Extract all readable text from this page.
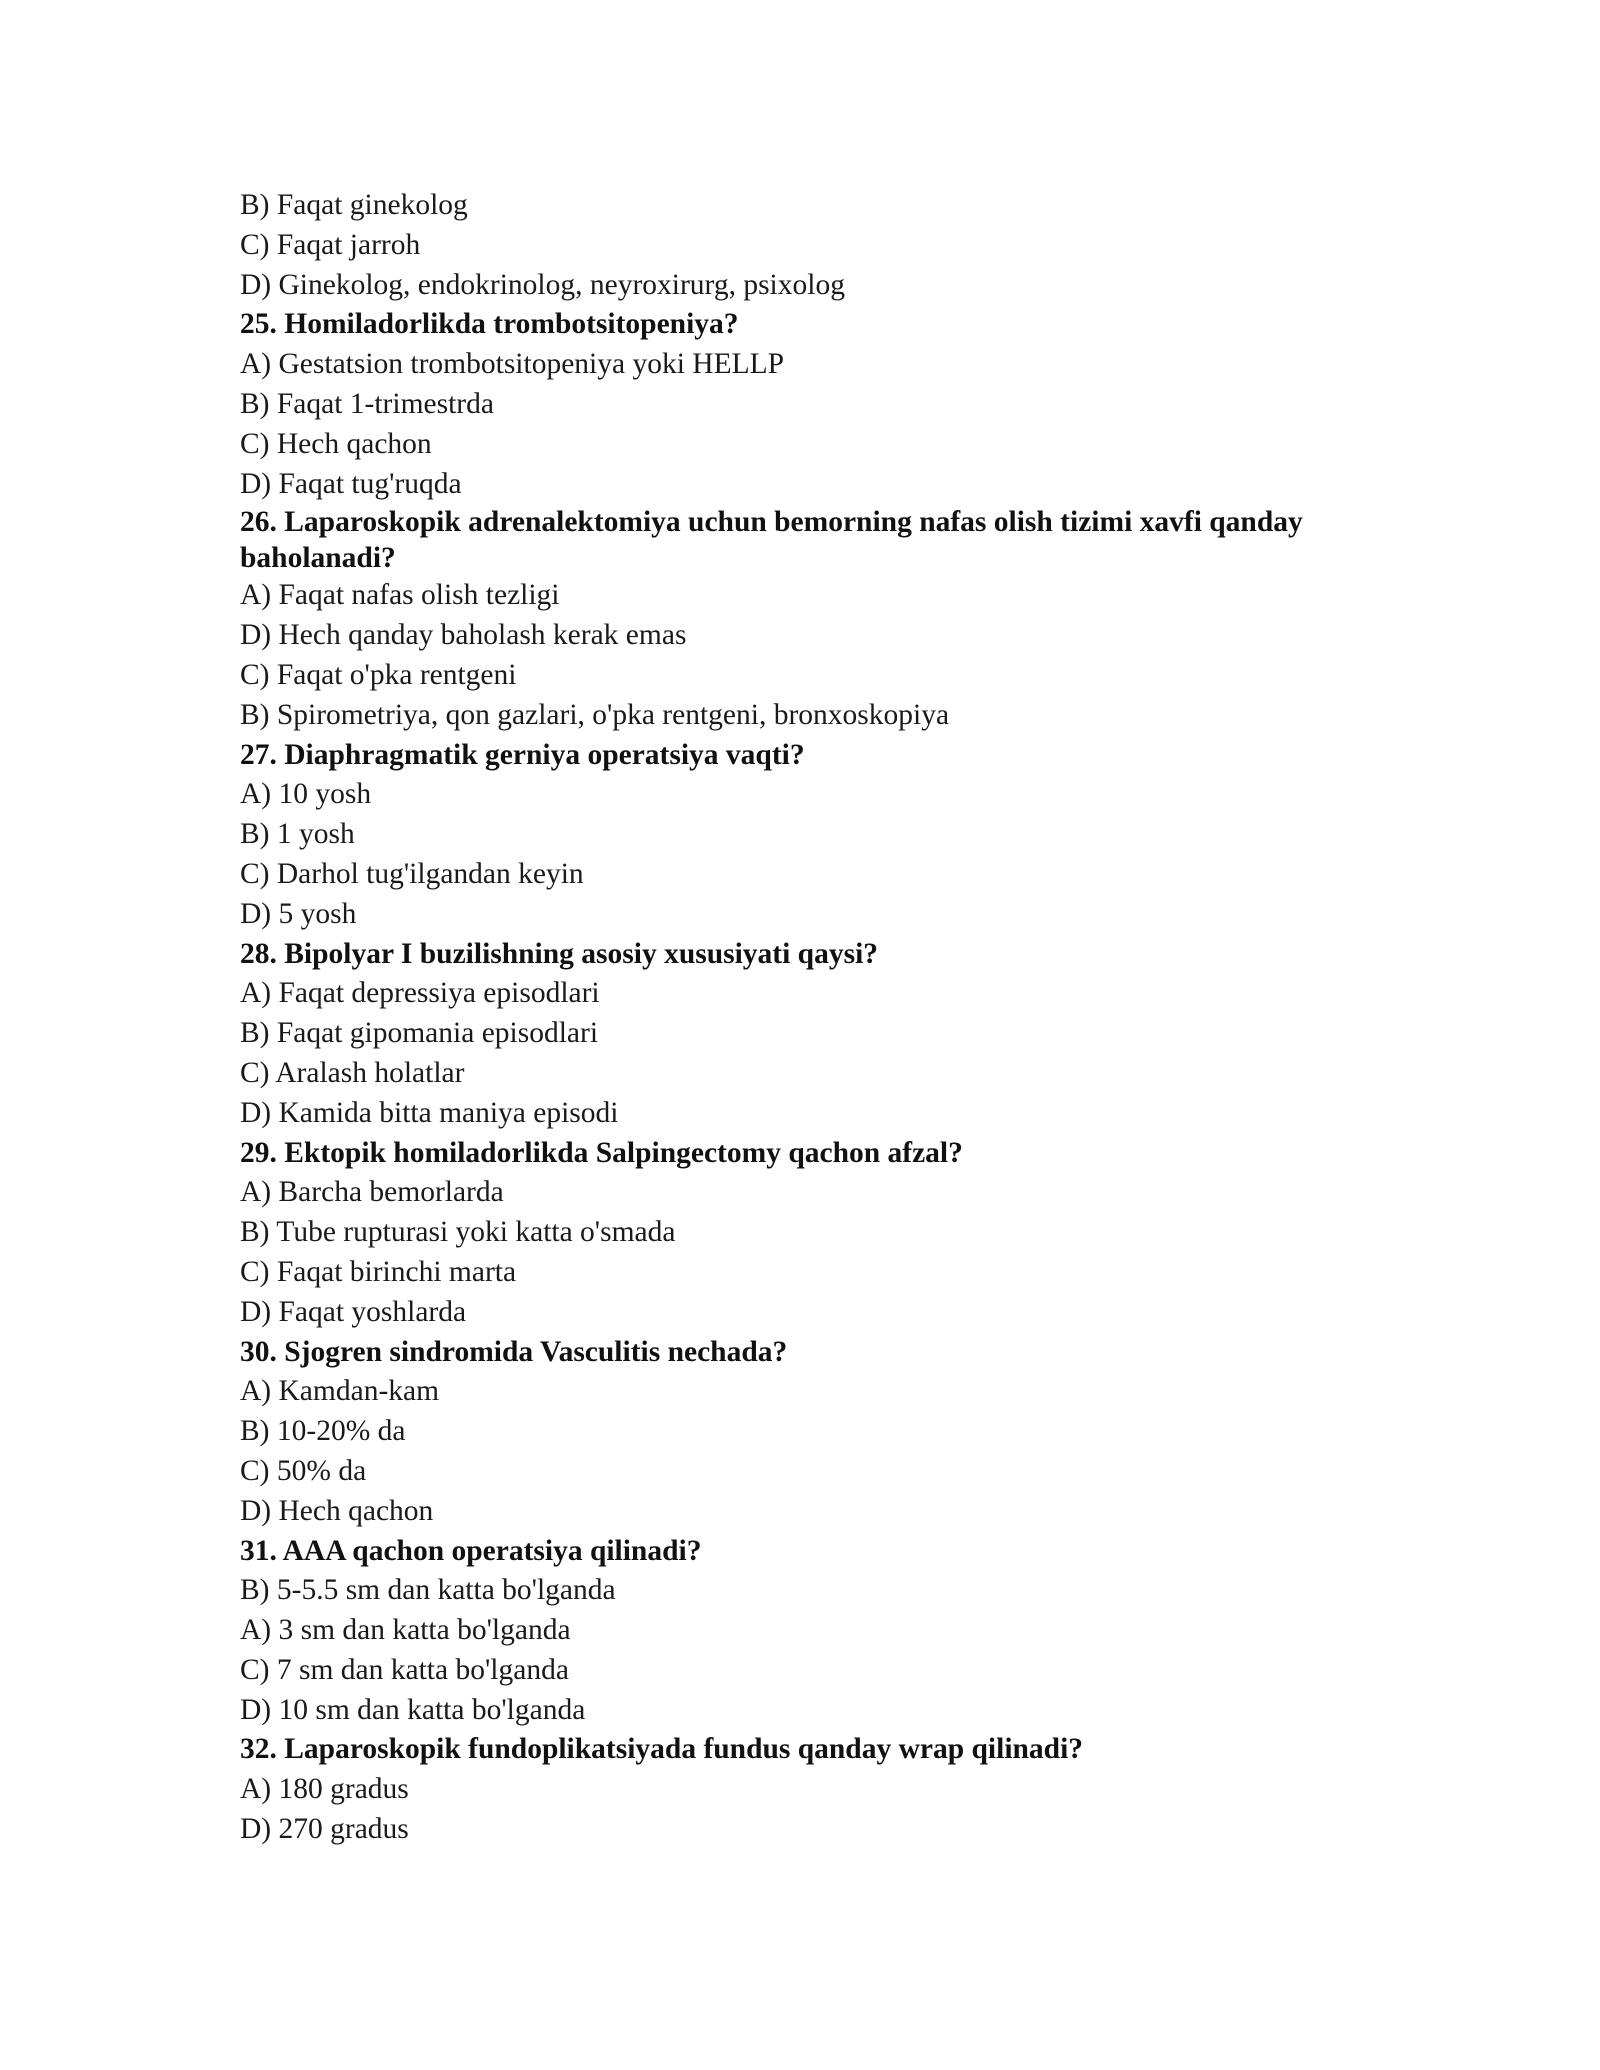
B) Faqat ginekolog
C) Faqat jarroh
D) Ginekolog, endokrinolog, neyroxirurg, psixolog
25. Homiladorlikda trombotsitopeniya?
A) Gestatsion trombotsitopeniya yoki HELLP
B) Faqat 1-trimestrda
C) Hech qachon
D) Faqat tug'ruqda
26. Laparoskopik adrenalektomiya uchun bemorning nafas olish tizimi xavfi qanday baholanadi?
A) Faqat nafas olish tezligi
D) Hech qanday baholash kerak emas
C) Faqat o'pka rentgeni
B) Spirometriya, qon gazlari, o'pka rentgeni, bronxoskopiya
27. Diaphragmatik gerniya operatsiya vaqti?
A) 10 yosh
B) 1 yosh
C) Darhol tug'ilgandan keyin
D) 5 yosh
28. Bipolyar I buzilishning asosiy xususiyati qaysi?
A) Faqat depressiya episodlari
B) Faqat gipomania episodlari
C) Aralash holatlar
D) Kamida bitta maniya episodi
29. Ektopik homiladorlikda Salpingectomy qachon afzal?
A) Barcha bemorlarda
B) Tube rupturasi yoki katta o'smada
C) Faqat birinchi marta
D) Faqat yoshlarda
30. Sjogren sindromida Vasculitis nechada?
A) Kamdan-kam
B) 10-20% da
C) 50% da
D) Hech qachon
31. AAA qachon operatsiya qilinadi?
B) 5-5.5 sm dan katta bo'lganda
A) 3 sm dan katta bo'lganda
C) 7 sm dan katta bo'lganda
D) 10 sm dan katta bo'lganda
32. Laparoskopik fundoplikatsiyada fundus qanday wrap qilinadi?
A) 180 gradus
D) 270 gradus
